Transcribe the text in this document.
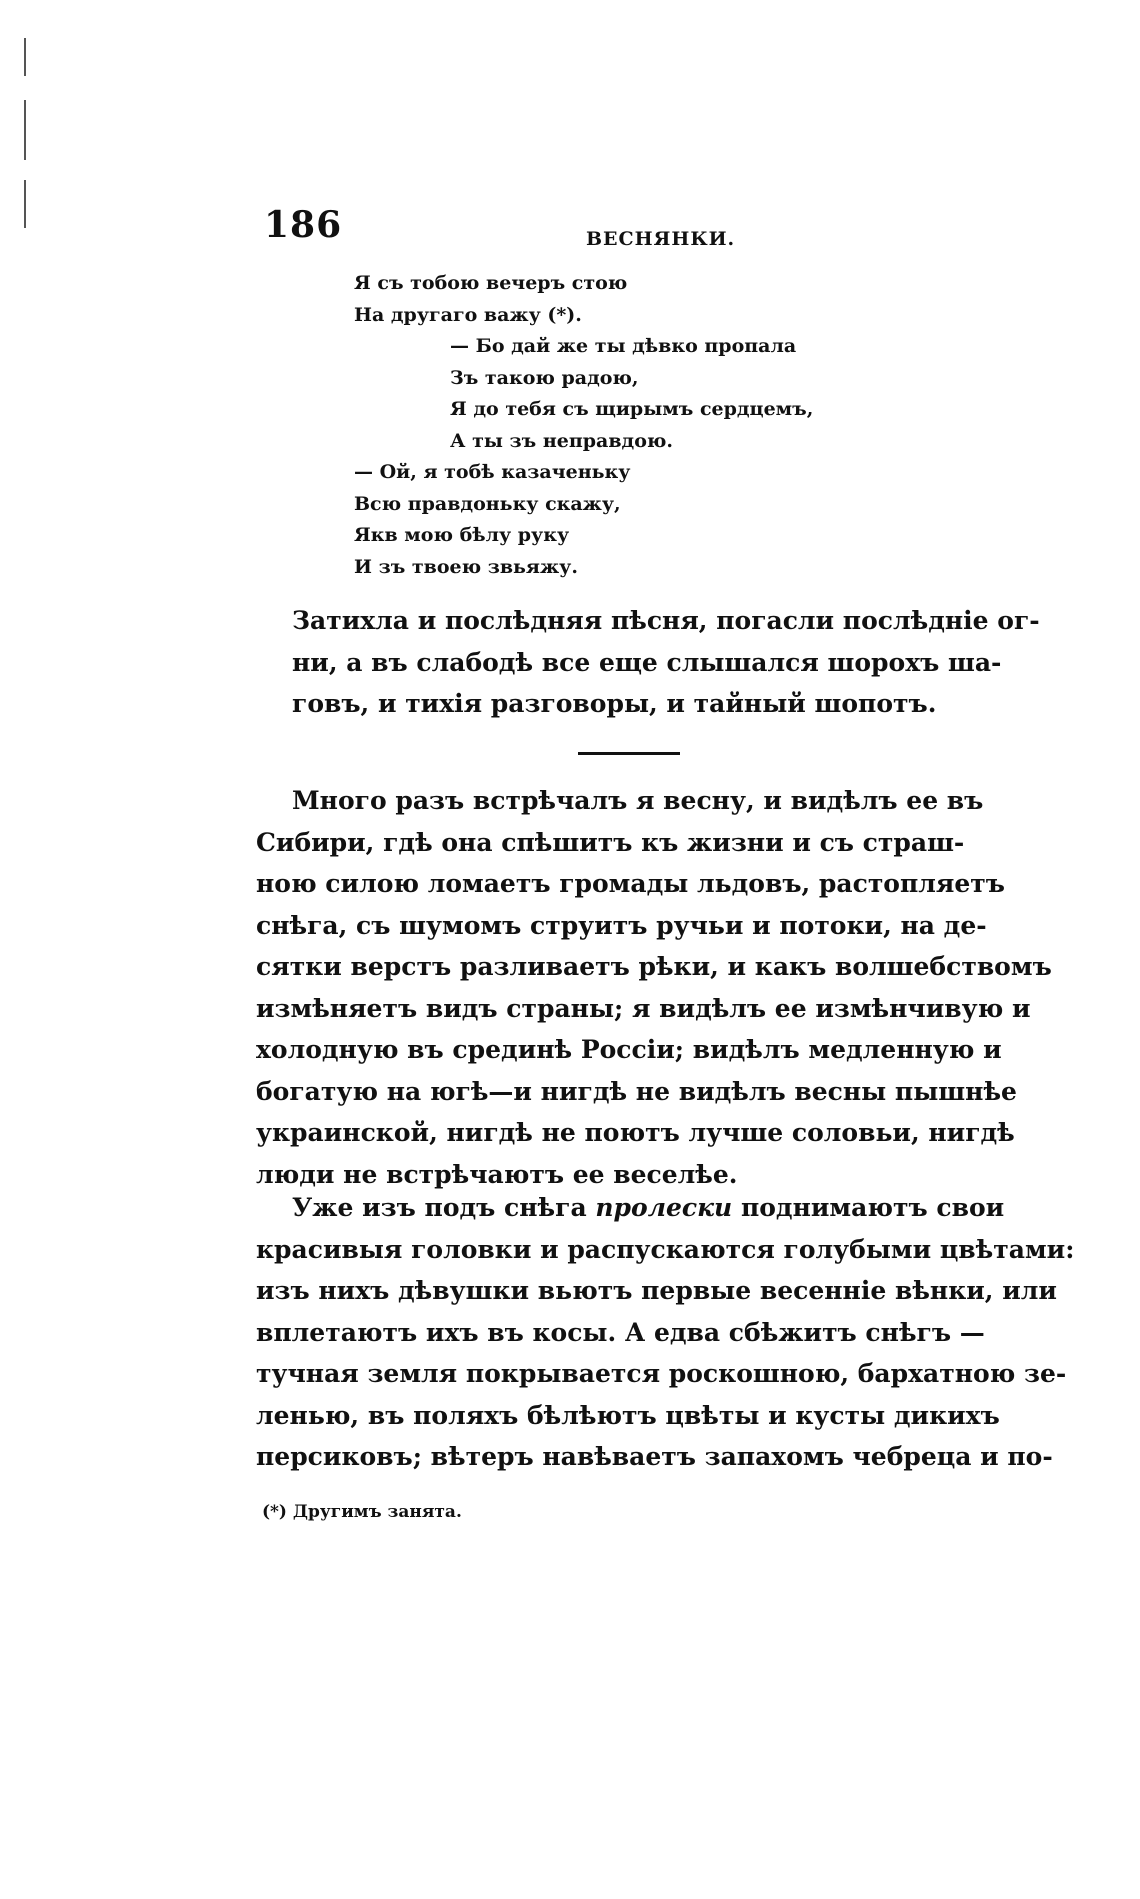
186	ВЕСНЯНКИ.
Я съ тобою вечеръ стою
На другаго важу (*).
— Бо дай же ты дѣвко пропала
Зъ такою радою,
Я до тебя съ щирымъ сердцемъ,
А ты зъ неправдою.
— Ой, я тобѣ казаченьку
Всю правдоньку скажу,
Якв мою бѣлу руку
И зъ твоею звьяжу.
Затихла и послѣдняя пѣсня, погасли послѣдніе ог-
ни, а въ слабодѣ все еще слышался шорохъ ша-
говъ, и тихія разговоры, и тайный шопотъ.
Много разъ встрѣчалъ я весну, и видѣлъ ее въ
Сибири, гдѣ она спѣшитъ къ жизни и съ страш-
ною силою ломаетъ громады льдовъ, растопляетъ
снѣга, съ шумомъ струитъ ручьи и потоки, на де-
сятки верстъ разливаетъ рѣки, и какъ волшебствомъ
измѣняетъ видъ страны; я видѣлъ ее измѣнчивую и
холодную въ срединѣ Россіи; видѣлъ медленную и
богатую на югѣ—и нигдѣ не видѣлъ весны пышнѣе
украинской, нигдѣ не поютъ лучше соловьи, нигдѣ
люди не встрѣчаютъ ее веселѣе.
Уже изъ подъ снѣга пролески поднимаютъ свои
красивыя головки и распускаются голубыми цвѣтами:
изъ нихъ дѣвушки вьютъ первые весенніе вѣнки, или
вплетаютъ ихъ въ косы. А едва сбѣжитъ снѣгъ —
тучная земля покрывается роскошною, бархатною зе-
ленью, въ поляхъ бѣлѣютъ цвѣты и кусты дикихъ
персиковъ; вѣтеръ навѣваетъ запахомъ чебреца и по-
(*) Другимъ занята.
